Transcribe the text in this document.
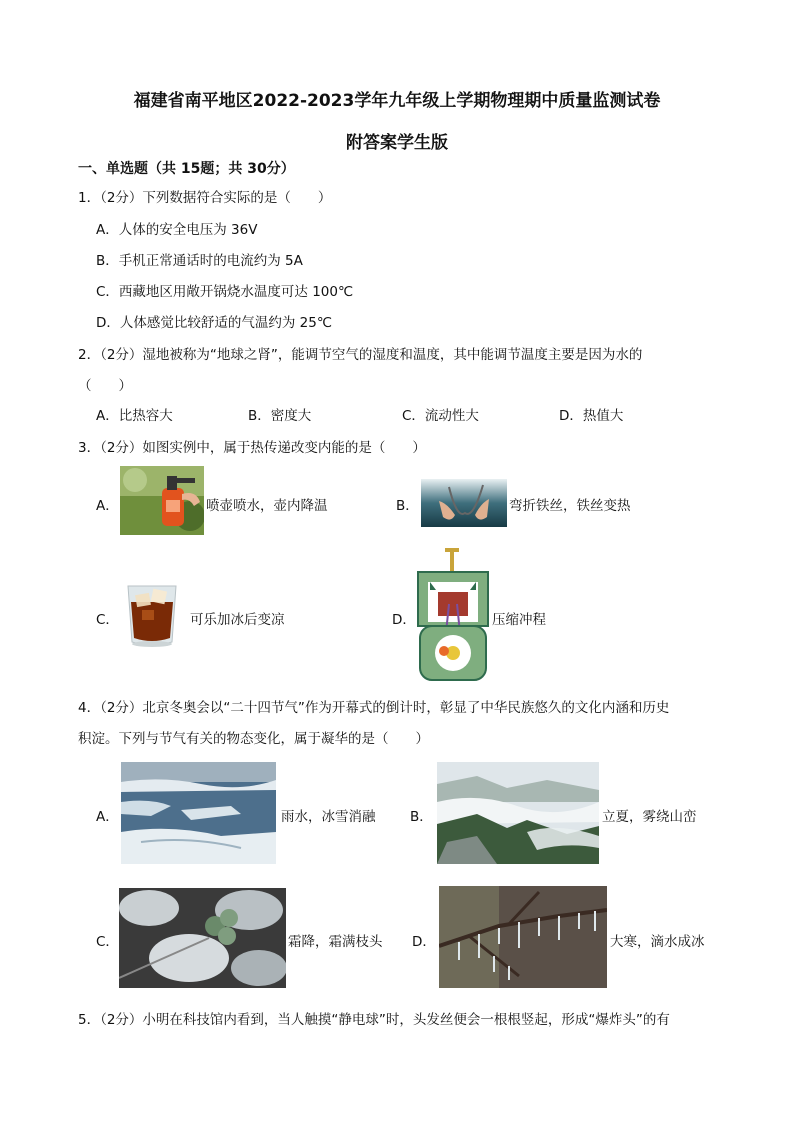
福建省南平地区2022-2023学年九年级上学期物理期中质量监测试卷
附答案学生版
一、单选题（共 15题；共 30分）
1．（2分）下列数据符合实际的是（　　）
A．人体的安全电压为 36V
B．手机正常通话时的电流约为 5A
C．西藏地区用敞开锅烧水温度可达 100℃
D．人体感觉比较舒适的气温约为 25℃
2．（2分）湿地被称为“地球之肾”，能调节空气的湿度和温度，其中能调节温度主要是因为水的
（　　）
A．比热容大	B．密度大	C．流动性大	D．热值大
3．（2分）如图实例中，属于热传递改变内能的是（　　）
A．	喷壶喷水，壶内降温	B．	弯折铁丝，铁丝变热
C．	可乐加冰后变凉	D．	压缩冲程
4．（2分）北京冬奥会以“二十四节气”作为开幕式的倒计时，彰显了中华民族悠久的文化内涵和历史
积淀。下列与节气有关的物态变化，属于凝华的是（　　）
A．	雨水，冰雪消融	B．	立夏，雾绕山峦
C．	霜降，霜满枝头 D．	大寒，滴水成冰
5．（2分）小明在科技馆内看到，当人触摸“静电球”时，头发丝便会一根根竖起，形成“爆炸头”的有
